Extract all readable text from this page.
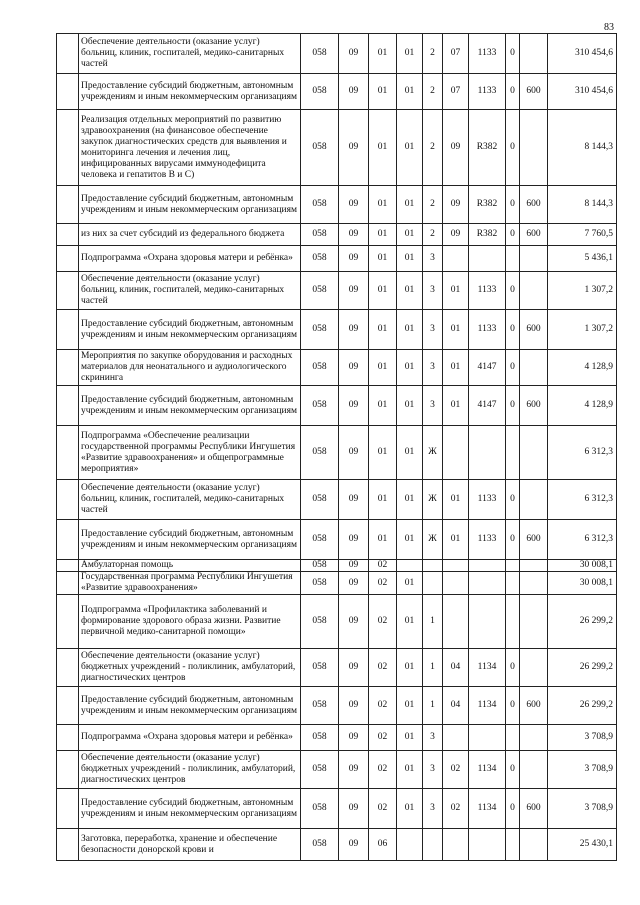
83
	Обеспечение деятельности (оказание услуг) больниц, клиник, госпиталей, медико-санитарных частей	058	09	01	01	2	07	1133	0		310 454,6
	Предоставление субсидий бюджетным, автономным учреждениям и иным некоммерческим организациям	058	09	01	01	2	07	1133	0	600	310 454,6
	Реализация отдельных мероприятий по развитию здравоохранения (на финансовое обеспечение закупок диагностических средств для выявления и мониторинга лечения и лечения лиц, инфицированных вирусами иммунодефицита человека и гепатитов В и С)	058	09	01	01	2	09	R382	0		8 144,3
	Предоставление субсидий бюджетным, автономным учреждениям и иным некоммерческим организациям	058	09	01	01	2	09	R382	0	600	8 144,3
	из них за счет субсидий из федерального бюджета	058	09	01	01	2	09	R382	0	600	7 760,5
	Подпрограмма «Охрана здоровья матери и ребёнка»	058	09	01	01	3					5 436,1
	Обеспечение деятельности (оказание услуг) больниц, клиник, госпиталей, медико-санитарных частей	058	09	01	01	3	01	1133	0		1 307,2
	Предоставление субсидий бюджетным, автономным учреждениям и иным некоммерческим организациям	058	09	01	01	3	01	1133	0	600	1 307,2
	Мероприятия по закупке оборудования и расходных материалов для неонатального и аудиологического скрининга	058	09	01	01	3	01	4147	0		4 128,9
	Предоставление субсидий бюджетным, автономным учреждениям и иным некоммерческим организациям	058	09	01	01	3	01	4147	0	600	4 128,9
	Подпрограмма «Обеспечение реализации государственной программы Республики Ингушетия «Развитие здравоохранения» и общепрограммные мероприятия»	058	09	01	01	Ж					6 312,3
	Обеспечение деятельности (оказание услуг) больниц, клиник, госпиталей, медико-санитарных частей	058	09	01	01	Ж	01	1133	0		6 312,3
	Предоставление субсидий бюджетным, автономным учреждениям и иным некоммерческим организациям	058	09	01	01	Ж	01	1133	0	600	6 312,3
	Амбулаторная помощь	058	09	02							30 008,1
	Государственная программа Республики Ингушетия «Развитие здравоохранения»	058	09	02	01						30 008,1
	Подпрограмма «Профилактика заболеваний и формирование здорового образа жизни. Развитие первичной медико-санитарной помощи»	058	09	02	01	1					26 299,2
	Обеспечение деятельности (оказание услуг) бюджетных учреждений - поликлиник, амбулаторий, диагностических центров	058	09	02	01	1	04	1134	0		26 299,2
	Предоставление субсидий бюджетным, автономным учреждениям и иным некоммерческим организациям	058	09	02	01	1	04	1134	0	600	26 299,2
	Подпрограмма «Охрана здоровья матери и ребёнка»	058	09	02	01	3					3 708,9
	Обеспечение деятельности (оказание услуг) бюджетных учреждений - поликлиник, амбулаторий, диагностических центров	058	09	02	01	3	02	1134	0		3 708,9
	Предоставление субсидий бюджетным, автономным учреждениям и иным некоммерческим организациям	058	09	02	01	3	02	1134	0	600	3 708,9
	Заготовка, переработка, хранение и обеспечение безопасности донорской крови и	058	09	06							25 430,1
